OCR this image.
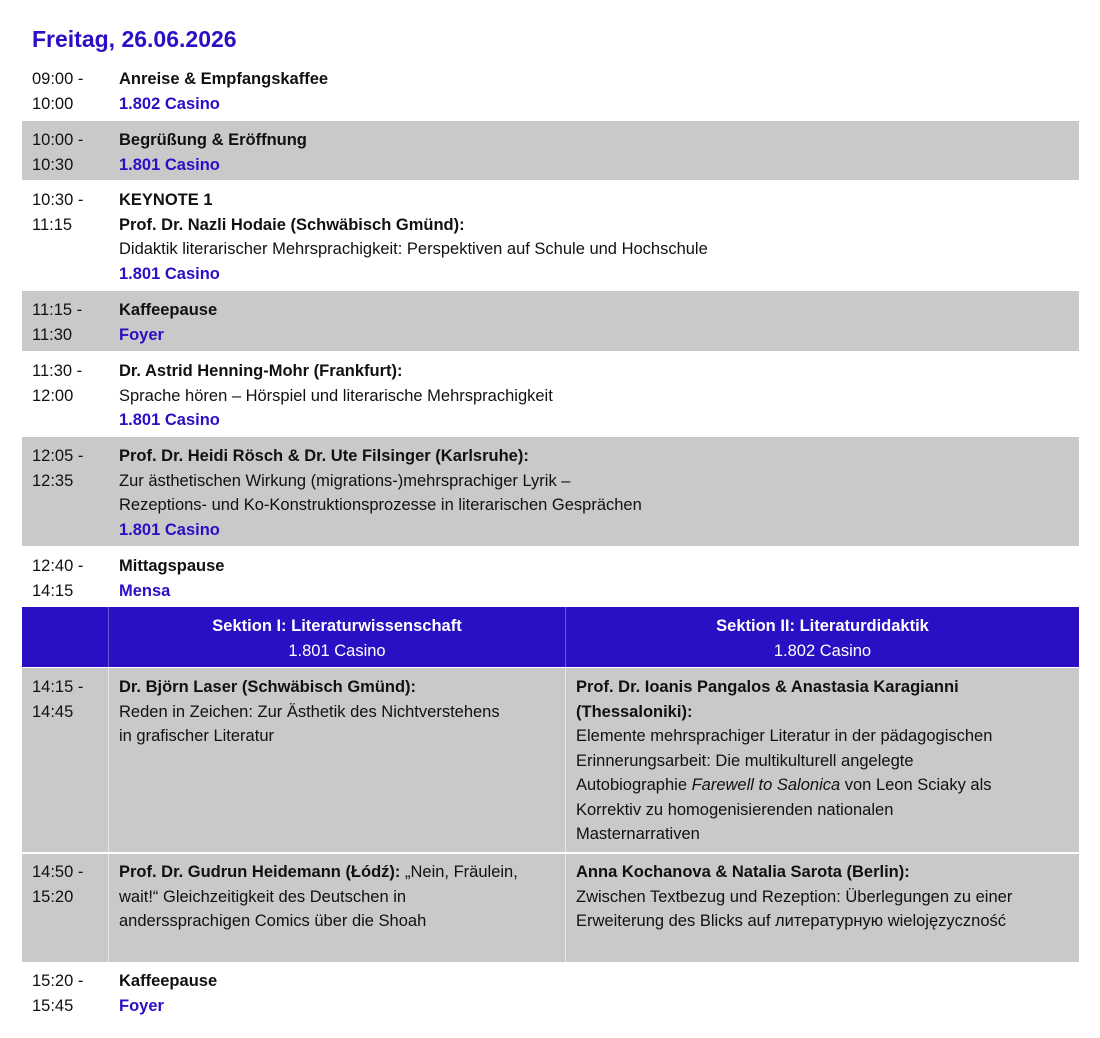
Freitag, 26.06.2026
09:00 -
10:00
Anreise & Empfangskaffee
1.802 Casino
10:00 -
10:30
Begrüßung & Eröffnung
1.801 Casino
10:30 -
11:15
KEYNOTE 1
Prof. Dr. Nazli Hodaie (Schwäbisch Gmünd):
Didaktik literarischer Mehrsprachigkeit: Perspektiven auf Schule und Hochschule
1.801 Casino
11:15 -
11:30
Kaffeepause
Foyer
11:30 -
12:00
Dr. Astrid Henning-Mohr (Frankfurt):
Sprache hören – Hörspiel und literarische Mehrsprachigkeit
1.801 Casino
12:05 -
12:35
Prof. Dr. Heidi Rösch & Dr. Ute Filsinger (Karlsruhe):
Zur ästhetischen Wirkung (migrations-)mehrsprachiger Lyrik –
Rezeptions- und Ko-Konstruktionsprozesse in literarischen Gesprächen
1.801 Casino
12:40 -
14:15
Mittagspause
Mensa
Sektion I: Literaturwissenschaft
1.801 Casino
Sektion II: Literaturdidaktik
1.802 Casino
14:15 -
14:45
Dr. Björn Laser (Schwäbisch Gmünd):
Reden in Zeichen: Zur Ästhetik des Nichtverstehens
in grafischer Literatur
Prof. Dr. Ioanis Pangalos & Anastasia Karagianni
(Thessaloniki):
Elemente mehrsprachiger Literatur in der pädagogischen
Erinnerungsarbeit: Die multikulturell angelegte
Autobiographie Farewell to Salonica von Leon Sciaky als
Korrektiv zu homogenisierenden nationalen
Masternarrativen
14:50 -
15:20
Prof. Dr. Gudrun Heidemann (Łódź): „Nein, Fräulein,
wait!“ Gleichzeitigkeit des Deutschen in
anderssprachigen Comics über die Shoah
Anna Kochanova & Natalia Sarota (Berlin):
Zwischen Textbezug und Rezeption: Überlegungen zu einer
Erweiterung des Blicks auf литературную wielojęzyczność
15:20 -
15:45
Kaffeepause
Foyer
